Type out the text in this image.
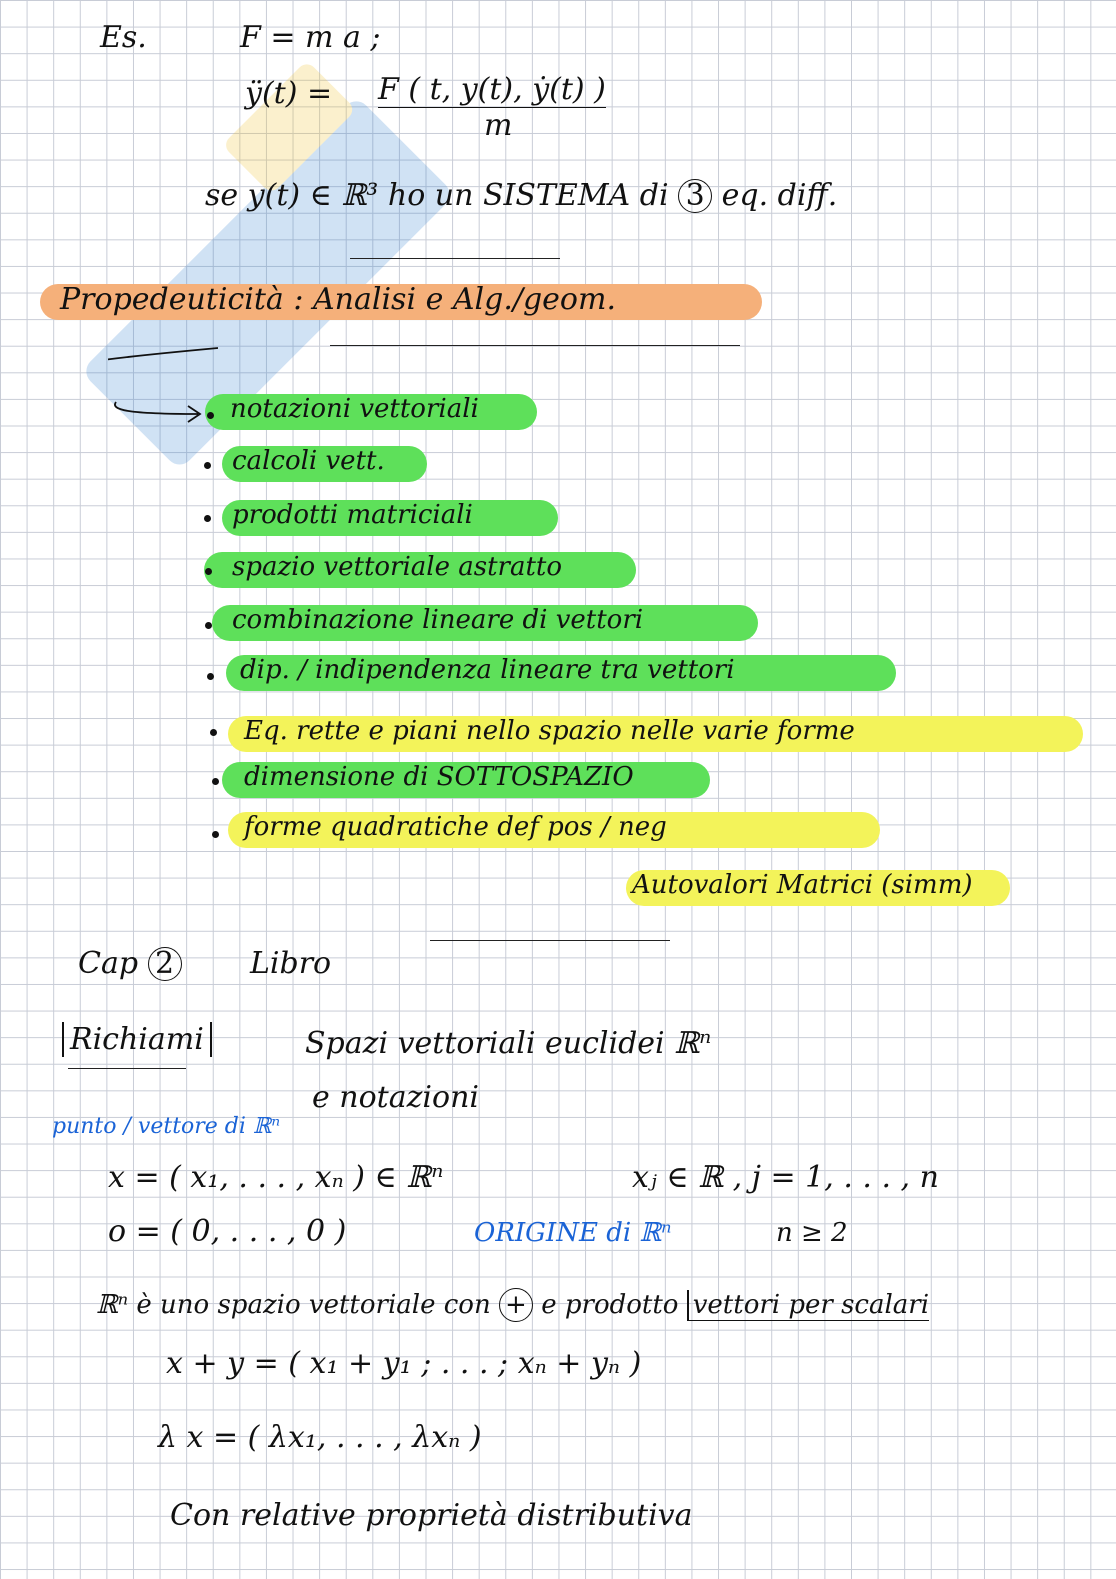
Es.	F = m a ;
ÿ(t) = F ( t, y(t), ẏ(t) )
m
se y(t) ∈ ℝ³ ho un SISTEMA di 3 eq. diff.
Propedeuticità : Analisi e Alg./geom.
notazioni vettoriali
calcoli vett.
prodotti matriciali
spazio vettoriale astratto
combinazione lineare di vettori
dip. / indipendenza lineare tra vettori
Eq. rette e piani nello spazio nelle varie forme
dimensione di SOTTOSPAZIO
forme quadratiche def pos / neg
Autovalori Matrici (simm)
Cap 2	Libro
Richiami	Spazi vettoriali euclidei ℝⁿ
e notazioni
punto / vettore di ℝⁿ
x = ( x₁, . . . , xₙ ) ∈ ℝⁿ	xⱼ ∈ ℝ , j = 1, . . . , n
o = ( 0, . . . , 0 )	ORIGINE di ℝⁿ	n ≥ 2
ℝⁿ è uno spazio vettoriale con + e prodotto vettori per scalari
x + y = ( x₁ + y₁ ; . . . ; xₙ + yₙ )
λ x = ( λx₁, . . . , λxₙ )
Con relative proprietà distributiva
